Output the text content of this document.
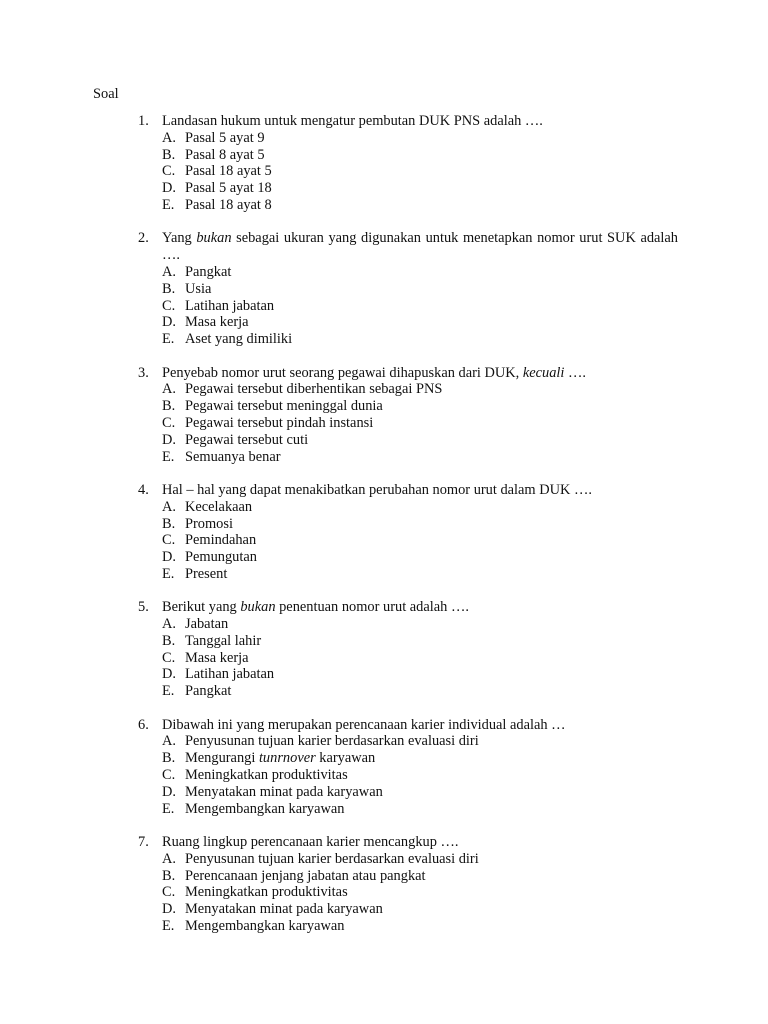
Soal
1. Landasan hukum untuk mengatur pembutan DUK PNS adalah ….
A. Pasal 5 ayat 9
B. Pasal 8 ayat 5
C. Pasal 18 ayat 5
D. Pasal 5 ayat 18
E. Pasal 18 ayat 8
2. Yang bukan sebagai ukuran yang digunakan untuk menetapkan nomor urut SUK adalah ….
A. Pangkat
B. Usia
C. Latihan jabatan
D. Masa kerja
E. Aset yang dimiliki
3. Penyebab nomor urut seorang pegawai dihapuskan dari DUK, kecuali ….
A. Pegawai tersebut diberhentikan sebagai PNS
B. Pegawai tersebut meninggal dunia
C. Pegawai tersebut pindah instansi
D. Pegawai tersebut cuti
E. Semuanya benar
4. Hal – hal yang dapat menakibatkan perubahan nomor urut dalam DUK ….
A. Kecelakaan
B. Promosi
C. Pemindahan
D. Pemungutan
E. Present
5. Berikut yang bukan penentuan nomor urut adalah ….
A. Jabatan
B. Tanggal lahir
C. Masa kerja
D. Latihan jabatan
E. Pangkat
6. Dibawah ini yang merupakan perencanaan karier individual adalah …
A. Penyusunan tujuan karier berdasarkan evaluasi diri
B. Mengurangi tunrnover karyawan
C. Meningkatkan produktivitas
D. Menyatakan minat pada karyawan
E. Mengembangkan karyawan
7. Ruang lingkup perencanaan karier mencangkup ….
A. Penyusunan tujuan karier berdasarkan evaluasi diri
B. Perencanaan jenjang jabatan atau pangkat
C. Meningkatkan produktivitas
D. Menyatakan minat pada karyawan
E. Mengembangkan karyawan
